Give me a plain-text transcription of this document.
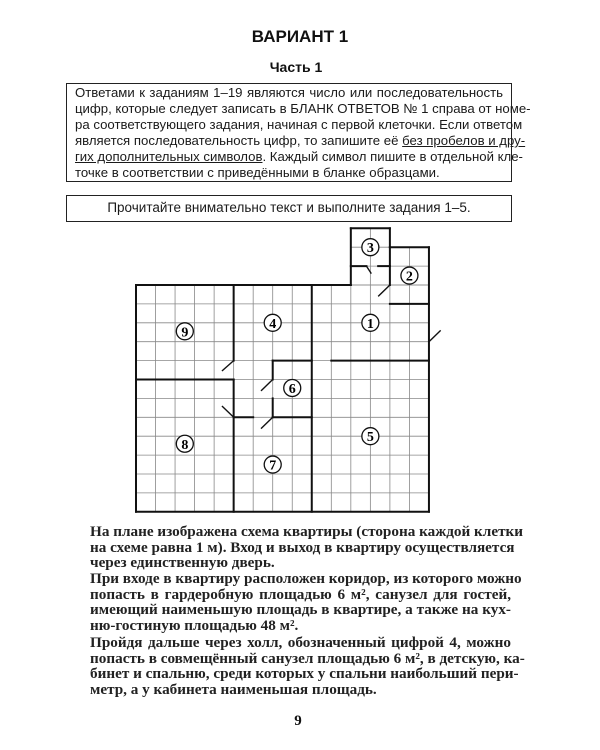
ВАРИАНТ 1
Часть 1
Ответами к заданиям 1–19 являются число или последовательность
цифр, которые следует записать в БЛАНК ОТВЕТОВ № 1 справа от номе-
ра соответствующего задания, начиная с первой клеточки. Если ответом
является последовательность цифр, то запишите её без пробелов и дру-
гих дополнительных символов. Каждый символ пишите в отдельной кле-
точке в соответствии с приведёнными в бланке образцами.
Прочитайте внимательно текст и выполните задания 1–5.
1
2
3
4
5
6
7
8
9
На плане изображена схема квартиры (сторона каждой клетки
на схеме равна 1 м). Вход и выход в квартиру осуществляется
через единственную дверь.
При входе в квартиру расположен коридор, из которого можно
попасть в гардеробную площадью 6 м², санузел для гостей,
имеющий наименьшую площадь в квартире, а также на кух-
ню-гостиную площадью 48 м².
Пройдя дальше через холл, обозначенный цифрой 4, можно
попасть в совмещённый санузел площадью 6 м², в детскую, ка-
бинет и спальню, среди которых у спальни наибольший пери-
метр, а у кабинета наименьшая площадь.
9
